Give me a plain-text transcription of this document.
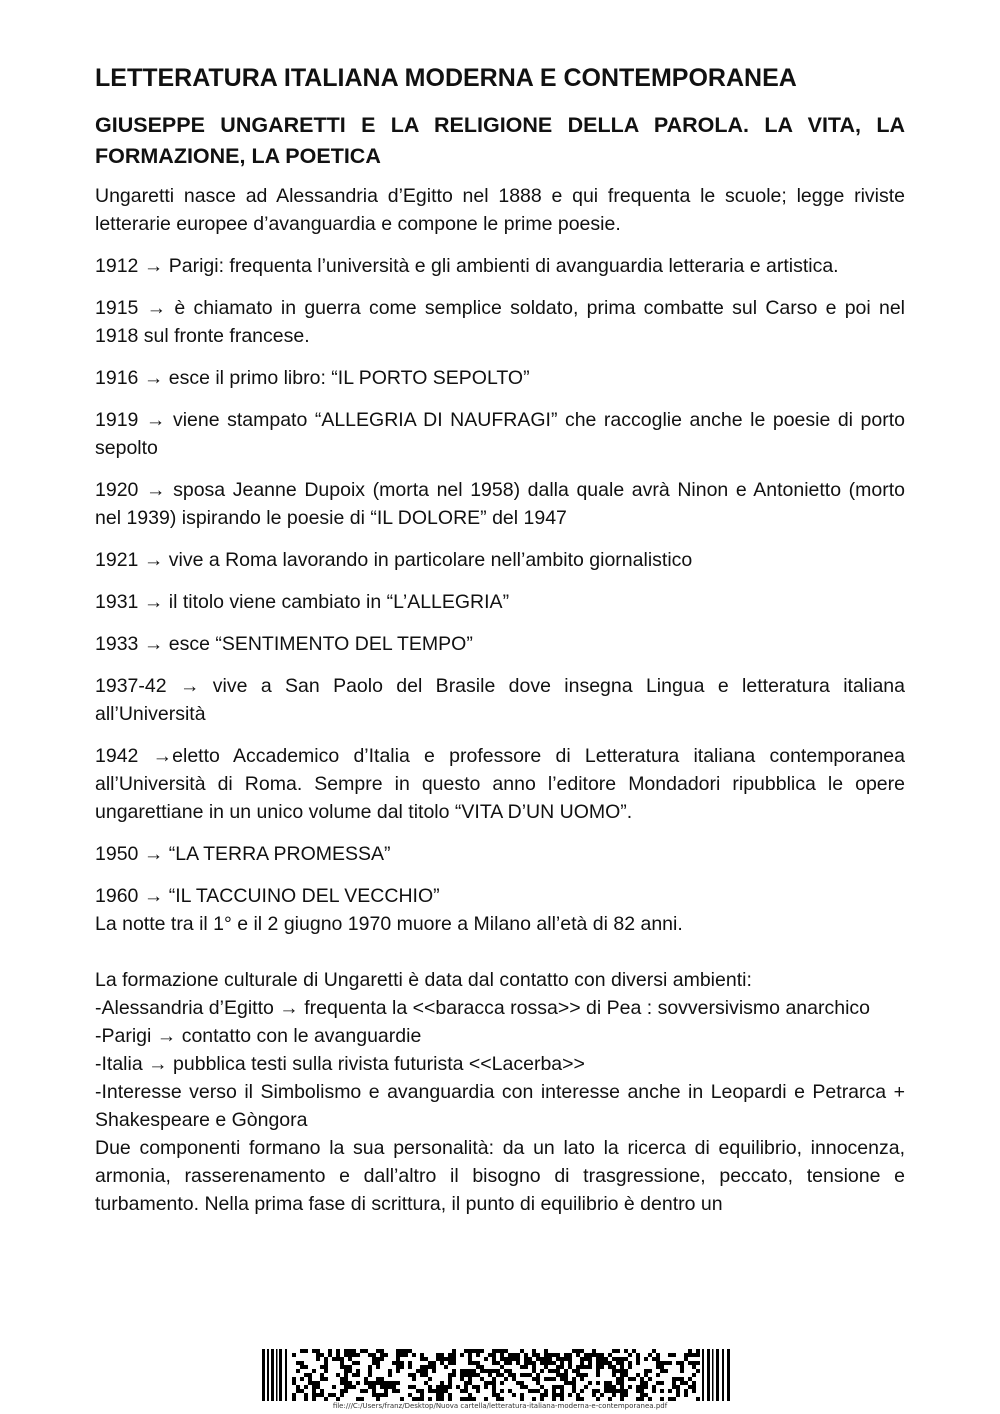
LETTERATURA ITALIANA MODERNA E CONTEMPORANEA
GIUSEPPE UNGARETTI E LA RELIGIONE DELLA PAROLA. LA VITA, LA FORMAZIONE, LA POETICA

Ungaretti nasce ad Alessandria d’Egitto nel 1888 e qui frequenta le scuole; legge riviste letterarie europee d’avanguardia e compone le prime poesie.

1912 → Parigi: frequenta l’università e gli ambienti di avanguardia letteraria e artistica.

1915 → è chiamato in guerra come semplice soldato, prima combatte sul Carso e poi nel 1918 sul fronte francese.

1916 → esce il primo libro: “IL PORTO SEPOLTO”

1919 → viene stampato “ALLEGRIA DI NAUFRAGI” che raccoglie anche le poesie di porto sepolto

1920 → sposa Jeanne Dupoix (morta nel 1958) dalla quale avrà Ninon e Antonietto (morto nel 1939) ispirando le poesie di “IL DOLORE” del 1947

1921 → vive a Roma lavorando in particolare nell’ambito giornalistico

1931 → il titolo viene cambiato in “L’ALLEGRIA”

1933 → esce “SENTIMENTO DEL TEMPO”

1937-42 → vive a San Paolo del Brasile dove insegna Lingua e letteratura italiana all’Università

1942 →eletto Accademico d’Italia e professore di Letteratura italiana contemporanea all’Università di Roma. Sempre in questo anno l’editore Mondadori ripubblica le opere ungarettiane in un unico volume dal titolo “VITA D’UN UOMO”.

1950 → “LA TERRA PROMESSA”

1960 → “IL TACCUINO DEL VECCHIO”

La notte tra il 1° e il 2 giugno 1970 muore a Milano all’età di 82 anni.

La formazione culturale di Ungaretti è data dal contatto con diversi ambienti:

-Alessandria d’Egitto → frequenta la <<baracca rossa>> di Pea : sovversivismo anarchico

-Parigi → contatto con le avanguardie

-Italia → pubblica testi sulla rivista futurista <<Lacerba>>

-Interesse verso il Simbolismo e avanguardia con interesse anche in Leopardi e Petrarca + Shakespeare e Gòngora

Due componenti formano la sua personalità: da un lato la ricerca di equilibrio, innocenza, armonia, rasserenamento e dall’altro il bisogno di trasgressione, peccato, tensione e turbamento. Nella prima fase di scrittura, il punto di equilibrio è dentro un

file:///C:/Users/franz/Desktop/Nuova cartella/letteratura-italiana-moderna-e-contemporanea.pdf
